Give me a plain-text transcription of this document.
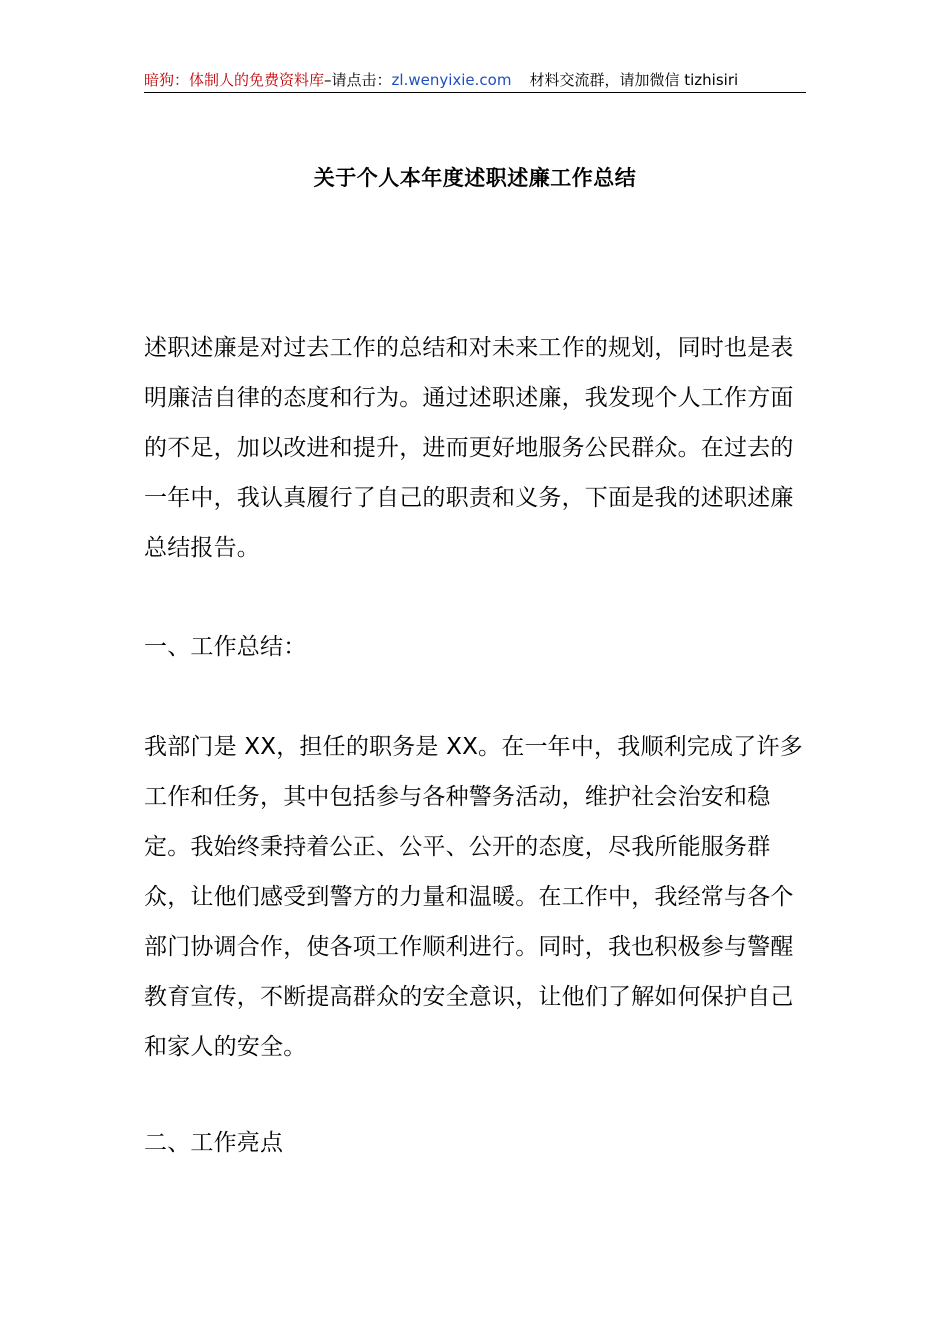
暗狗：体制人的免费资料库–请点击：zl.wenyixie.com 材料交流群，请加微信 tizhisiri
关于个人本年度述职述廉工作总结

述职述廉是对过去工作的总结和对未来工作的规划，同时也是表明廉洁自律的态度和行为。通过述职述廉，我发现个人工作方面的不足，加以改进和提升，进而更好地服务公民群众。在过去的一年中，我认真履行了自己的职责和义务，下面是我的述职述廉总结报告。

一、工作总结：

我部门是 XX，担任的职务是 XX。在一年中，我顺利完成了许多工作和任务，其中包括参与各种警务活动，维护社会治安和稳定。我始终秉持着公正、公平、公开的态度，尽我所能服务群众，让他们感受到警方的力量和温暖。在工作中，我经常与各个部门协调合作，使各项工作顺利进行。同时，我也积极参与警醒教育宣传，不断提高群众的安全意识，让他们了解如何保护自己和家人的安全。

二、工作亮点
